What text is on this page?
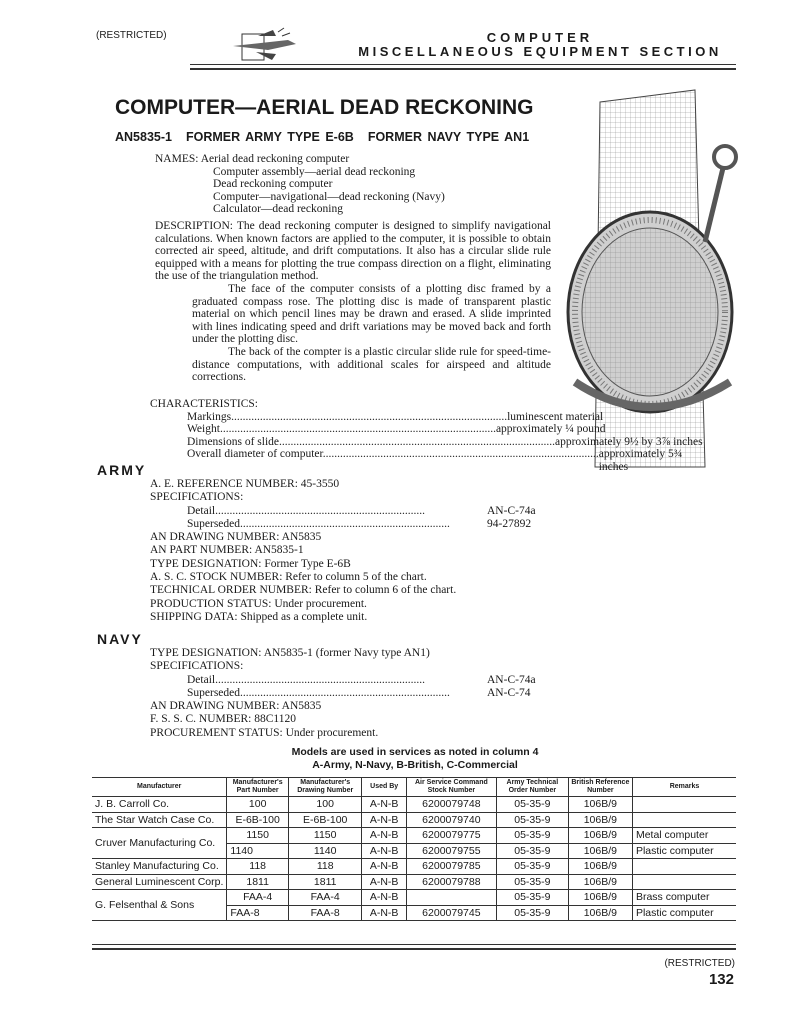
(RESTRICTED)	COMPUTER
MISCELLANEOUS EQUIPMENT SECTION
COMPUTER—AERIAL DEAD RECKONING
AN5835-1 FORMER ARMY TYPE E-6B FORMER NAVY TYPE AN1
NAMES: Aerial dead reckoning computer
Computer assembly—aerial dead reckoning
Dead reckoning computer
Computer—navigational—dead reckoning (Navy)
Calculator—dead reckoning
DESCRIPTION: The dead reckoning computer is designed to simplify navigational calculations. When known factors are applied to the computer, it is possible to obtain corrected air speed, altitude, and drift computations. It also has a circular slide rule equipped with a means for plotting the true compass direction on a flight, eliminating the use of the triangulation method.
The face of the computer consists of a plotting disc framed by a graduated compass rose. The plotting disc is made of transparent plastic material on which pencil lines may be drawn and erased. A slide imprinted with lines indicating speed and drift variations may be moved back and forth under the plotting disc.
The back of the compter is a plastic circular slide rule for speed-time-distance computations, with additional scales for airspeed and altitude corrections.
CHARACTERISTICS:
Markings................................................................................................ luminescent material
Weight................................................................................................ approximately ¼ pound
Dimensions of slide................................................................................................ approximately 9½ by 3⅞ inches
Overall diameter of computer................................................................................................ approximately 5¾ inches
ARMY
A. E. REFERENCE NUMBER: 45-3550
SPECIFICATIONS:
Detail.........................................................................	AN-C-74a
Superseded.........................................................................	94-27892
AN DRAWING NUMBER: AN5835
AN PART NUMBER: AN5835-1
TYPE DESIGNATION: Former Type E-6B
A. S. C. STOCK NUMBER: Refer to column 5 of the chart.
TECHNICAL ORDER NUMBER: Refer to column 6 of the chart.
PRODUCTION STATUS: Under procurement.
SHIPPING DATA: Shipped as a complete unit.
NAVY
TYPE DESIGNATION: AN5835-1 (former Navy type AN1)
SPECIFICATIONS:
Detail.........................................................................	AN-C-74a
Superseded.........................................................................	AN-C-74
AN DRAWING NUMBER: AN5835
F. S. S. C. NUMBER: 88C1120
PROCUREMENT STATUS: Under procurement.
Models are used in services as noted in column 4
A-Army, N-Navy, B-British, C-Commercial
Manufacturer	Manufacturer's Part Number	Manufacturer's Drawing Number	Used By	Air Service Command Stock Number	Army Technical Order Number	British Reference Number	Remarks
J. B. Carroll Co.	100	100	A-N-B	6200079748	05-35-9	106B/9	
The Star Watch Case Co.	E-6B-100	E-6B-100	A-N-B	6200079740	05-35-9	106B/9	
Cruver Manufacturing Co.	1150	1150	A-N-B	6200079775	05-35-9	106B/9	Metal computer
	1140	1140	A-N-B	6200079755	05-35-9	106B/9	Plastic computer
Stanley Manufacturing Co.	118	118	A-N-B	6200079785	05-35-9	106B/9	
General Luminescent Corp.	1811	1811	A-N-B	6200079788	05-35-9	106B/9	
G. Felsenthal & Sons	FAA-4	FAA-4	A-N-B		05-35-9	106B/9	Brass computer
	FAA-8	FAA-8	A-N-B	6200079745	05-35-9	106B/9	Plastic computer
(RESTRICTED)
132
